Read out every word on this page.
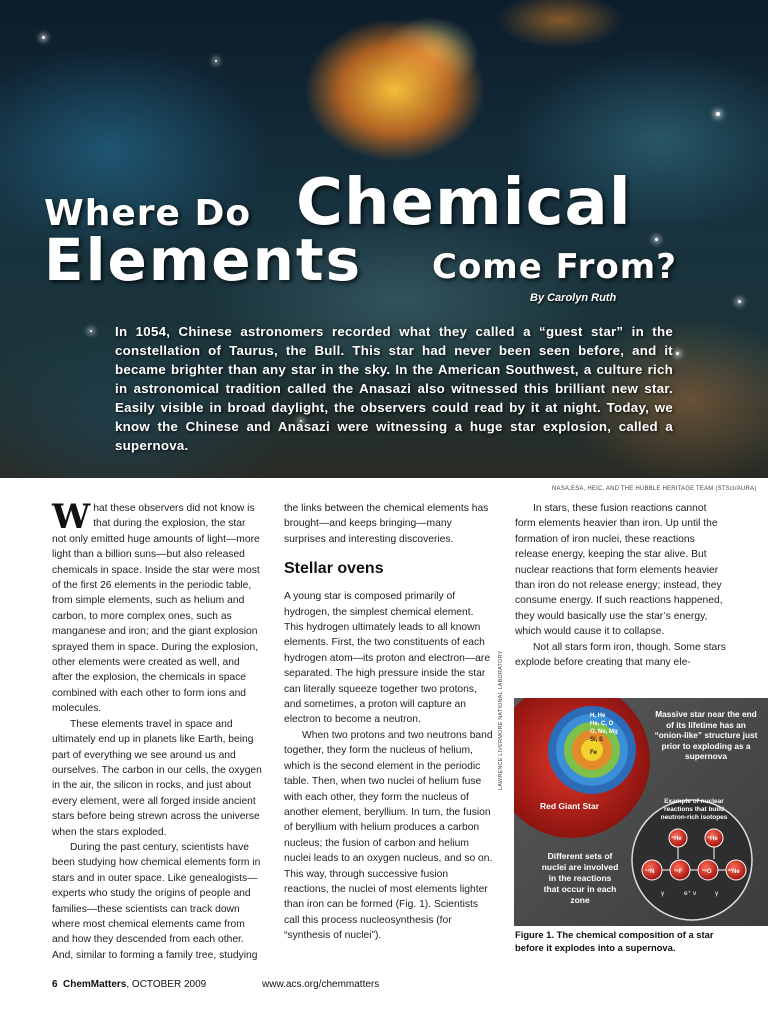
Where Do Chemical
Elements Come From?
By Carolyn Ruth
In 1054, Chinese astronomers recorded what they called a “guest star” in the constellation of Taurus, the Bull. This star had never been seen before, and it became brighter than any star in the sky. In the American Southwest, a culture rich in astronomical tradition called the Anasazi also witnessed this brilliant new star. Easily visible in broad daylight, the observers could read by it at night. Today, we know the Chinese and Anasazi were witnessing a huge star explosion, called a supernova.
NASA,ESA, HEIC, AND THE HUBBLE HERITAGE TEAM (STScI/AURA)

What these observers did not know is that during the explosion, the star not only emitted huge amounts of light—more light than a billion suns—but also released chemicals in space. Inside the star were most of the first 26 elements in the periodic table, from simple elements, such as helium and carbon, to more complex ones, such as manganese and iron; and the giant explosion sprayed them in space. During the explosion, other elements were created as well, and after the explosion, the chemicals in space combined with each other to form ions and molecules.

These elements travel in space and ultimately end up in planets like Earth, being part of everything we see around us and ourselves. The carbon in our cells, the oxygen in the air, the silicon in rocks, and just about every element, were all forged inside ancient stars before being strewn across the universe when the stars exploded.

During the past century, scientists have been studying how chemical elements form in stars and in outer space. Like genealogists—experts who study the origins of people and families—these scientists can track down where most chemical elements came from and how they descended from each other. And, similar to forming a family tree, studying

the links between the chemical elements has brought—and keeps bringing—many surprises and interesting discoveries.

Stellar ovens

A young star is composed primarily of hydrogen, the simplest chemical element. This hydrogen ultimately leads to all known elements. First, the two constituents of each hydrogen atom—its proton and electron—are separated. The high pressure inside the star can literally squeeze together two protons, and sometimes, a proton will capture an electron to become a neutron.

When two protons and two neutrons band together, they form the nucleus of helium, which is the second element in the periodic table. Then, when two nuclei of helium fuse with each other, they form the nucleus of another element, beryllium. In turn, the fusion of beryllium with helium produces a carbon nucleus; the fusion of carbon and helium nuclei leads to an oxygen nucleus, and so on. This way, through successive fusion reactions, the nuclei of most elements lighter than iron can be formed (Fig. 1). Scientists call this process nucleosynthesis (for “synthesis of nuclei”).

In stars, these fusion reactions cannot form elements heavier than iron. Up until the formation of iron nuclei, these reactions release energy, keeping the star alive. But nuclear reactions that form elements heavier than iron do not release energy; instead, they consume energy. If such reactions happened, they would basically use the star’s energy, which would cause it to collapse.

Not all stars form iron, though. Some stars explode before creating that many ele-

H, He
He, C, O
O, Ne, Mg
Si, S
Fe
Red Giant Star
⁴He	⁴He
¹⁴N	¹⁸F	¹⁸O	²²Ne
γ	e⁺ ν	γ
Massive star near the end of its lifetime has an “onion-like” structure just prior to exploding as a supernova
Example of nuclear reactions that build neutron-rich isotopes
Different sets of nuclei are involved in the reactions that occur in each zone
LAWRENCE LIVERMORE NATIONAL LABORATORY
Figure 1. The chemical composition of a star before it explodes into a supernova.
6 ChemMatters, OCTOBER 2009	www.acs.org/chemmatters
